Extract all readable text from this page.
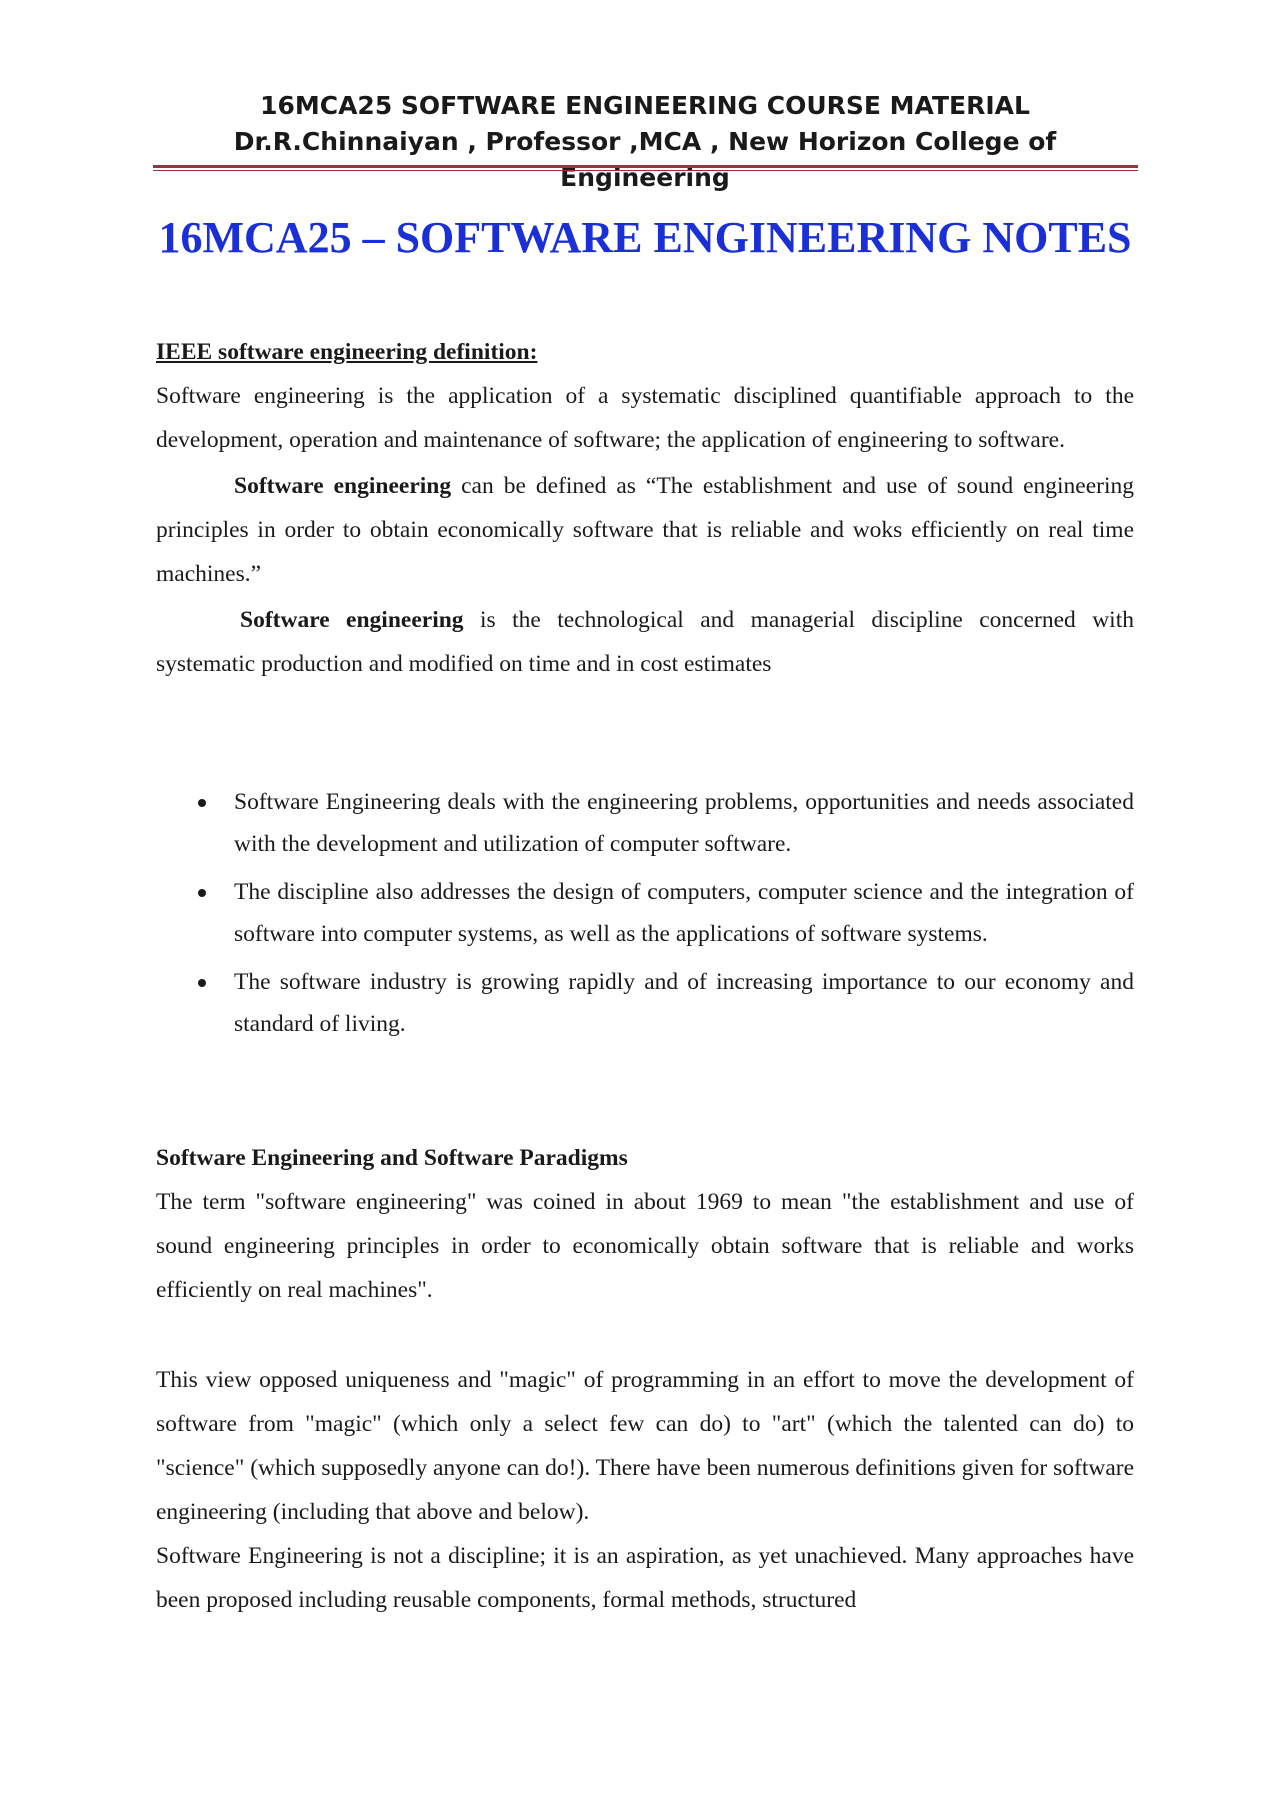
16MCA25 SOFTWARE ENGINEERING COURSE MATERIAL
Dr.R.Chinnaiyan , Professor ,MCA , New Horizon College of Engineering
16MCA25 – SOFTWARE ENGINEERING NOTES

IEEE software engineering definition:

Software engineering is the application of a systematic disciplined quantifiable approach to the development, operation and maintenance of software; the application of engineering to software.

Software engineering can be defined as “The establishment and use of sound engineering principles in order to obtain economically software that is reliable and woks efficiently on real time machines.”

Software engineering is the technological and managerial discipline concerned with systematic production and modified on time and in cost estimates

Software Engineering deals with the engineering problems, opportunities and needs associated with the development and utilization of computer software.
The discipline also addresses the design of computers, computer science and the integration of software into computer systems, as well as the applications of software systems.
The software industry is growing rapidly and of increasing importance to our economy and standard of living.

Software Engineering and Software Paradigms

The term "software engineering" was coined in about 1969 to mean "the establishment and use of sound engineering principles in order to economically obtain software that is reliable and works efficiently on real machines".

This view opposed uniqueness and "magic" of programming in an effort to move the development of software from "magic" (which only a select few can do) to "art" (which the talented can do) to "science" (which supposedly anyone can do!). There have been numerous definitions given for software engineering (including that above and below).

Software Engineering is not a discipline; it is an aspiration, as yet unachieved. Many approaches have been proposed including reusable components, formal methods, structured
